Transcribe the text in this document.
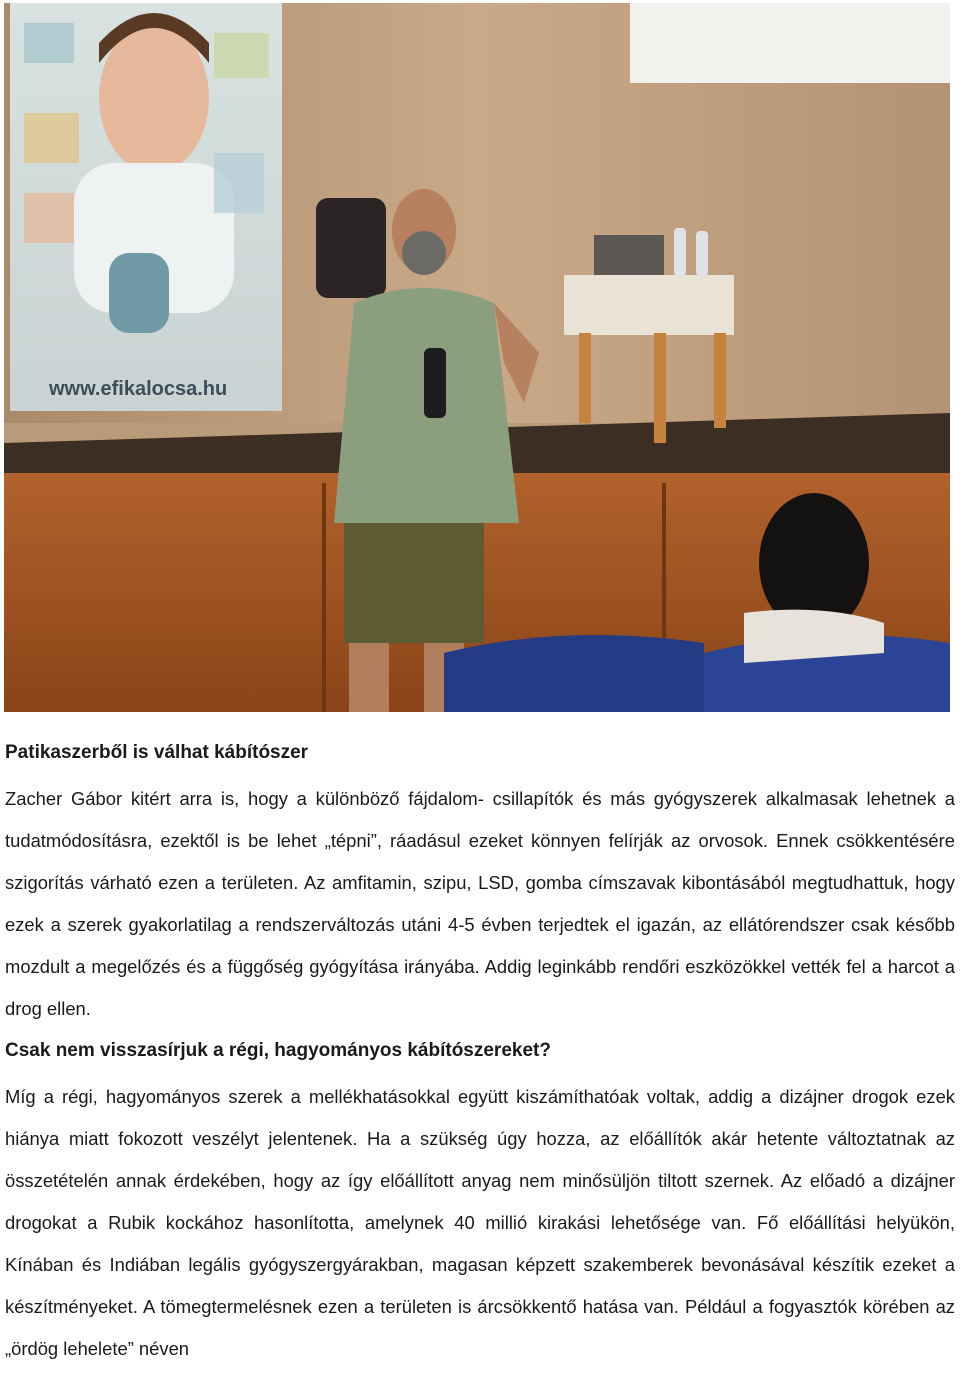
www.efikalocsa.hu

Patikaszerből is válhat kábítószer

Zacher Gábor kitért arra is, hogy a különböző fájdalom- csillapítók és más gyógyszerek alkalmasak lehetnek a tudatmódosításra, ezektől is be lehet „tépni”, ráadásul ezeket könnyen felírják az orvosok. Ennek csökkentésére szigorítás várható ezen a területen. Az amfitamin, szipu, LSD, gomba címszavak kibontásából megtudhattuk, hogy ezek a szerek gyakorlatilag a rendszerváltozás utáni 4-5 évben terjedtek el igazán, az ellátórendszer csak később mozdult a megelőzés és a függőség gyógyítása irányába. Addig leginkább rendőri eszközökkel vették fel a harcot a drog ellen.

Csak nem visszasírjuk a régi, hagyományos kábítószereket?

Míg a régi, hagyományos szerek a mellékhatásokkal együtt kiszámíthatóak voltak, addig a dizájner drogok ezek hiánya miatt fokozott veszélyt jelentenek. Ha a szükség úgy hozza, az előállítók akár hetente változtatnak az összetételén annak érdekében, hogy az így előállított anyag nem minősüljön tiltott szernek. Az előadó a dizájner drogokat a Rubik kockához hasonlította, amelynek 40 millió kirakási lehetősége van. Fő előállítási helyükön, Kínában és Indiában legális gyógyszergyárakban, magasan képzett szakemberek bevonásával készítik ezeket a készítményeket. A tömegtermelésnek ezen a területen is árcsökkentő hatása van. Például a fogyasztók körében az „ördög lehelete” néven
